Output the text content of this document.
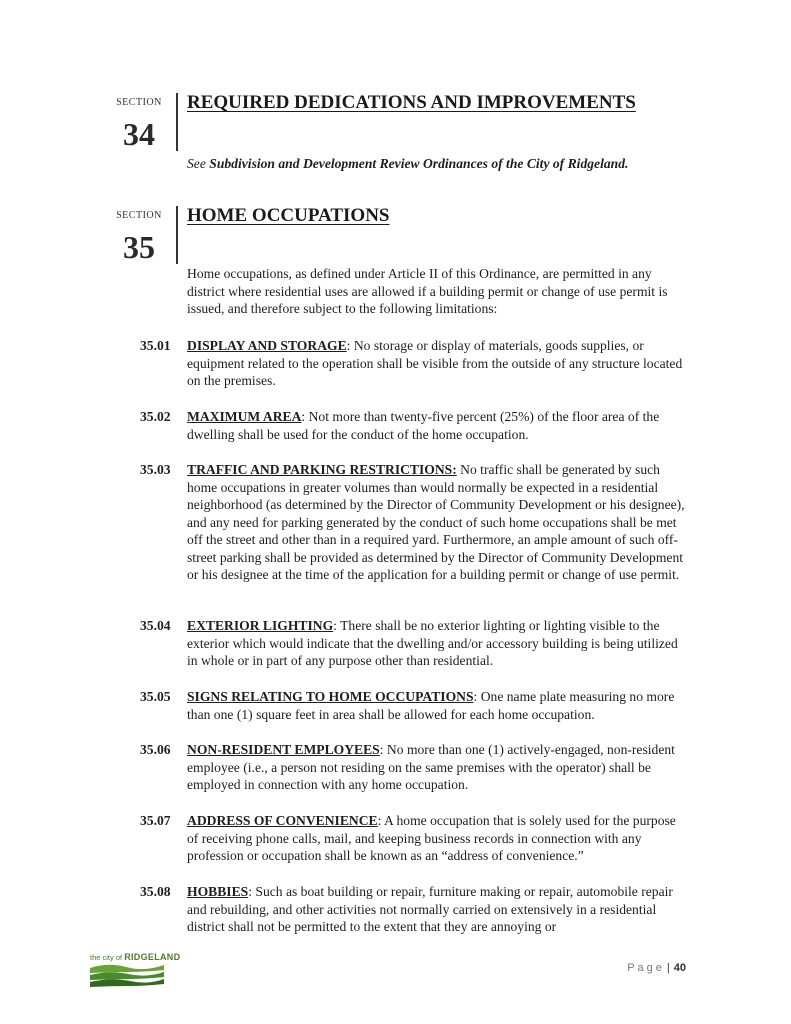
SECTION
34
REQUIRED DEDICATIONS AND IMPROVEMENTS

See Subdivision and Development Review Ordinances of the City of Ridgeland.

SECTION
35
HOME OCCUPATIONS

Home occupations, as defined under Article II of this Ordinance, are permitted in any district where residential uses are allowed if a building permit or change of use permit is issued, and therefore subject to the following limitations:

35.01 DISPLAY AND STORAGE: No storage or display of materials, goods supplies, or equipment related to the operation shall be visible from the outside of any structure located on the premises.

35.02 MAXIMUM AREA: Not more than twenty-five percent (25%) of the floor area of the dwelling shall be used for the conduct of the home occupation.

35.03 TRAFFIC AND PARKING RESTRICTIONS: No traffic shall be generated by such home occupations in greater volumes than would normally be expected in a residential neighborhood (as determined by the Director of Community Development or his designee), and any need for parking generated by the conduct of such home occupations shall be met off the street and other than in a required yard. Furthermore, an ample amount of such off-street parking shall be provided as determined by the Director of Community Development or his designee at the time of the application for a building permit or change of use permit.

35.04 EXTERIOR LIGHTING: There shall be no exterior lighting or lighting visible to the exterior which would indicate that the dwelling and/or accessory building is being utilized in whole or in part of any purpose other than residential.

35.05 SIGNS RELATING TO HOME OCCUPATIONS: One name plate measuring no more than one (1) square feet in area shall be allowed for each home occupation.

35.06 NON-RESIDENT EMPLOYEES: No more than one (1) actively-engaged, non-resident employee (i.e., a person not residing on the same premises with the operator) shall be employed in connection with any home occupation.

35.07 ADDRESS OF CONVENIENCE: A home occupation that is solely used for the purpose of receiving phone calls, mail, and keeping business records in connection with any profession or occupation shall be known as an “address of convenience.”

35.08 HOBBIES: Such as boat building or repair, furniture making or repair, automobile repair and rebuilding, and other activities not normally carried on extensively in a residential district shall not be permitted to the extent that they are annoying or

the city of RIDGELAND
Page | 40
